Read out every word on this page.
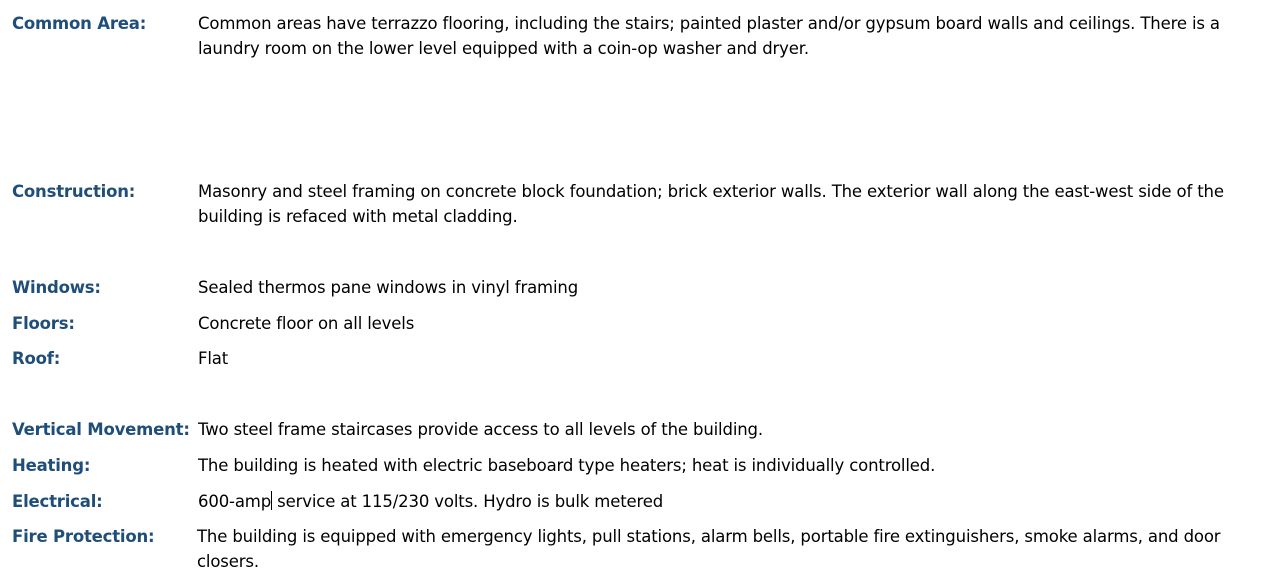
Common Area:	Common areas have terrazzo flooring, including the stairs; painted plaster and/or gypsum board walls and ceilings. There is a laundry room on the lower level equipped with a coin-op washer and dryer.
Construction:	Masonry and steel framing on concrete block foundation; brick exterior walls. The exterior wall along the east-west side of the building is refaced with metal cladding.
Windows:	Sealed thermos pane windows in vinyl framing
Floors:	Concrete floor on all levels
Roof:	Flat
Vertical Movement: Two steel frame staircases provide access to all levels of the building.
Heating:	The building is heated with electric baseboard type heaters; heat is individually controlled.
Electrical:	600-amp service at 115/230 volts. Hydro is bulk metered
Fire Protection:	The building is equipped with emergency lights, pull stations, alarm bells, portable fire extinguishers, smoke alarms, and door closers.
